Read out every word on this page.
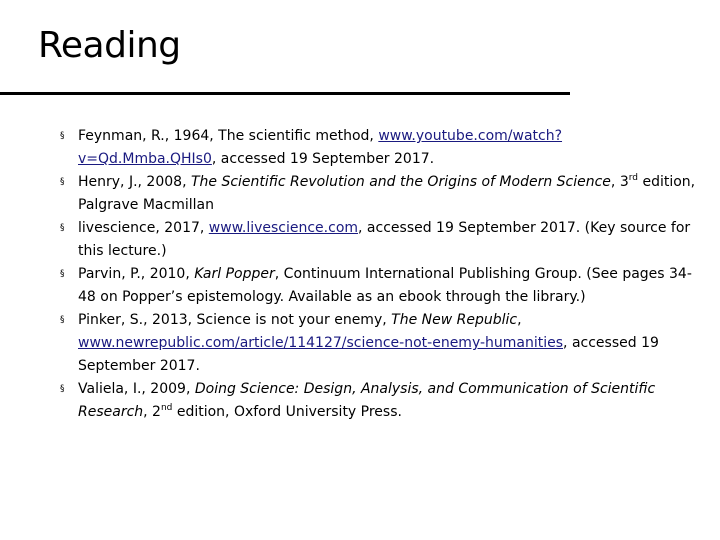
Reading
§ Feynman, R., 1964, The scientific method, www.youtube.com/watch?v=Qd.Mmba.QHIs0, accessed 19 September 2017.
§ Henry, J., 2008, The Scientific Revolution and the Origins of Modern Science, 3rd edition, Palgrave Macmillan
§ livescience, 2017, www.livescience.com, accessed 19 September 2017. (Key source for this lecture.)
§ Parvin, P., 2010, Karl Popper, Continuum International Publishing Group. (See pages 34-48 on Popper’s epistemology. Available as an ebook through the library.)
§ Pinker, S., 2013, Science is not your enemy, The New Republic, www.newrepublic.com/article/114127/science-not-enemy-humanities, accessed 19 September 2017.
§ Valiela, I., 2009, Doing Science: Design, Analysis, and Communication of Scientific Research, 2nd edition, Oxford University Press.
